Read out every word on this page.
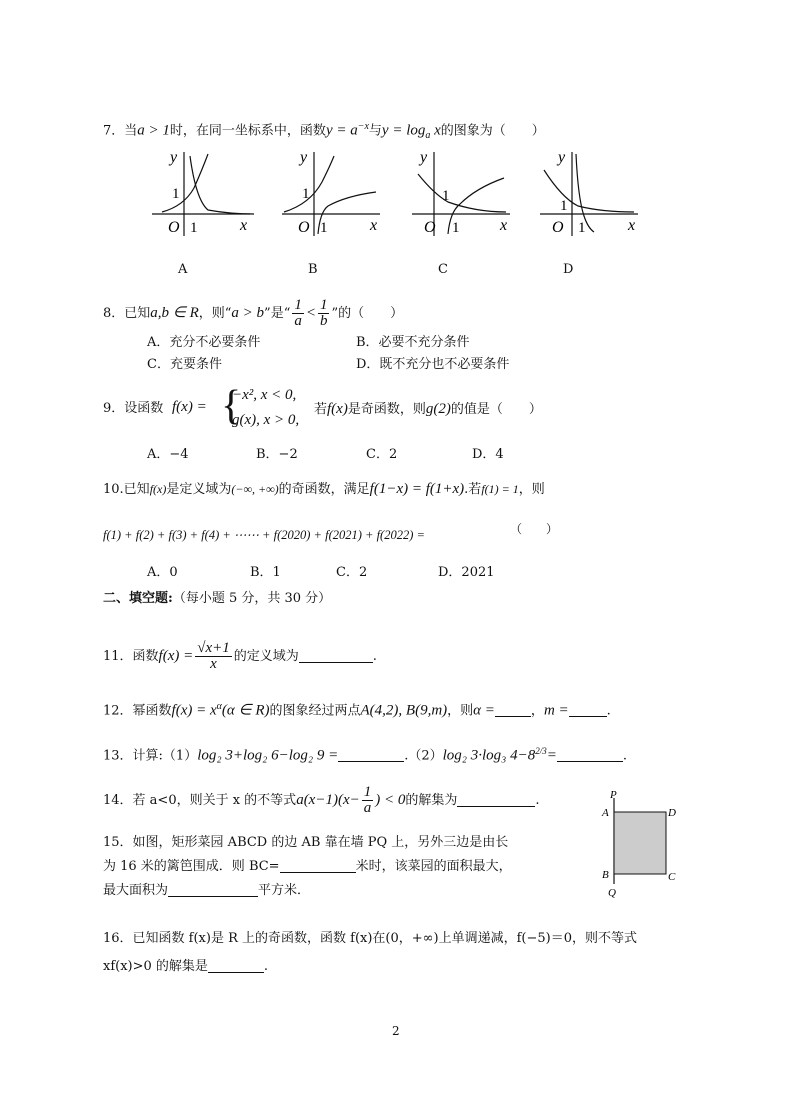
7．当a > 1时，在同一坐标系中，函数$y = a^{-x}$与$y = \log_a x$的图象为（　　）
y
x
O
1
1
y
x
O
1
1
y
x
O
1
1
y
x
O
1
1
A	B	C	D
8．已知a,b ∈ R，则“a > b”是“ $\frac{1}{a} < \frac{1}{b}$ ”的（　　）
A．充分不必要条件	B．必要不充分条件
C．充要条件	D．既不充分也不必要条件
9．设函数 f(x) = {
−x², x < 0,
g(x), x > 0,
若f(x)是奇函数，则g(2)的值是（　　）
A．−4	B．−2	C．2	D．4
10.已知f(x)是定义域为(−∞, +∞)的奇函数，满足f(1−x) = f(1+x).若f(1) = 1，则
f(1) + f(2) + f(3) + f(4) + ⋯⋯ + f(2020) + f(2021) + f(2022) =	（　　）
A．0	B．1	C．2	D．2021
二、填空题:（每小题 5 分，共 30 分）
11．函数$f(x) = \frac{√x+1}{x}$ 的定义域为	.
12．幂函数$f(x) = x^\alpha(\alpha$ ∈ R)的图象经过两点A(4,2), B(9,m)，则α =	，m =	.
13．计算:（1）log₂ 3+log₂ 6−log₂ 9 =	.（2）log₂ 3·log₃ $4-8^{2/3}=$	.
14．若 a<0，则关于 x 的不等式$a(x-1)(x- \frac{1}{a}$ ) < 0的解集为	.
15．如图，矩形菜园 ABCD 的边 AB 靠在墙 PQ 上，另外三边是由长
为 16 米的篱笆围成．则 BC=	米时，该菜园的面积最大，
最大面积为	平方米．
P
A	D
B
Q
C
16．已知函数 f(x)是 R 上的奇函数，函数 f(x)在(0，+∞)上单调递减，f(−5)＝0，则不等式
xf(x)>0 的解集是	.
2
